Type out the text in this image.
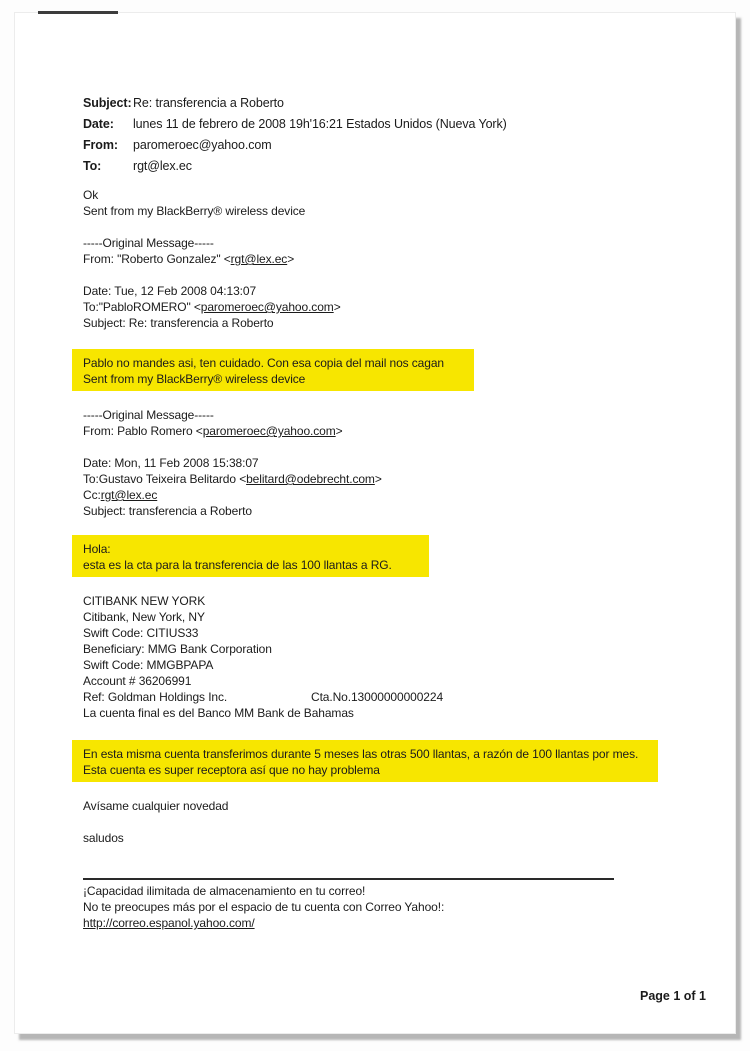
Subject:Re: transferencia a Roberto
Date: lunes 11 de febrero de 2008 19h'16:21 Estados Unidos (Nueva York)
From: paromeroec@yahoo.com
To:	rgt@lex.ec
Ok
Sent from my BlackBerry® wireless device
-----Original Message-----
From: "Roberto Gonzalez" <rgt@lex.ec>
Date: Tue, 12 Feb 2008 04:13:07
To:"PabloROMERO" <paromeroec@yahoo.com>
Subject: Re: transferencia a Roberto
Pablo no mandes asi, ten cuidado. Con esa copia del mail nos cagan
Sent from my BlackBerry® wireless device
-----Original Message-----
From: Pablo Romero <paromeroec@yahoo.com>
Date: Mon, 11 Feb 2008 15:38:07
To:Gustavo Teixeira Belitardo <belitard@odebrecht.com>
Cc:rgt@lex.ec
Subject: transferencia a Roberto
Hola:
esta es la cta para la transferencia de las 100 llantas a RG.
CITIBANK NEW YORK
Citibank, New York, NY
Swift Code: CITIUS33
Beneficiary: MMG Bank Corporation
Swift Code: MMGBPAPA
Account # 36206991
Ref: Goldman Holdings Inc.	Cta.No.13000000000224
La cuenta final es del Banco MM Bank de Bahamas
En esta misma cuenta transferimos durante 5 meses las otras 500 llantas, a razón de 100 llantas por mes. Esta cuenta es super receptora así que no hay problema
Avísame cualquier novedad
saludos
¡Capacidad ilimitada de almacenamiento en tu correo!
No te preocupes más por el espacio de tu cuenta con Correo Yahoo!:
http://correo.espanol.yahoo.com/
Page 1 of 1
